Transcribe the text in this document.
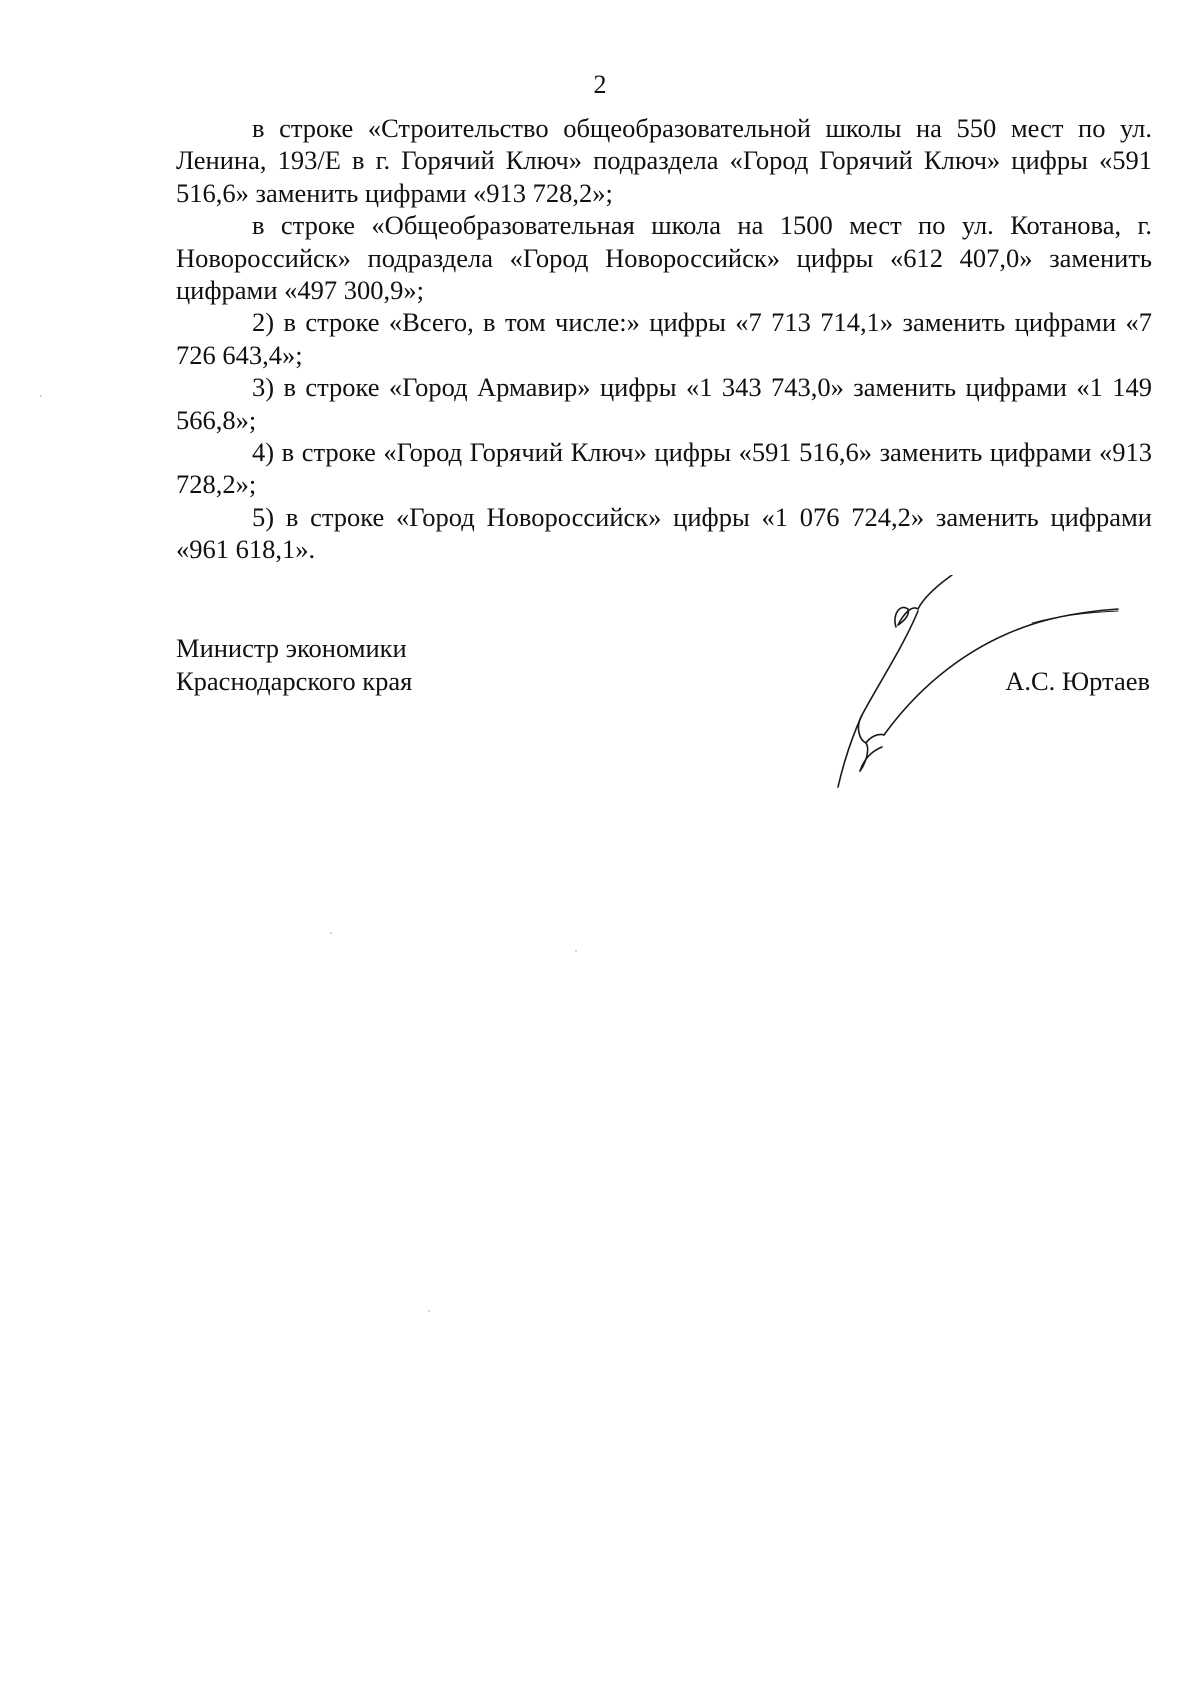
2

в строке «Строительство общеобразовательной школы на 550 мест по ул. Ленина, 193/Е в г. Горячий Ключ» подраздела «Город Горячий Ключ» цифры «591 516,6» заменить цифрами «913 728,2»;

в строке «Общеобразовательная школа на 1500 мест по ул. Котанова, г. Новороссийск» подраздела «Город Новороссийск» цифры «612 407,0» заменить цифрами «497 300,9»;

2) в строке «Всего, в том числе:» цифры «7 713 714,1» заменить цифрами «7 726 643,4»;

3) в строке «Город Армавир» цифры «1 343 743,0» заменить цифрами «1 149 566,8»;

4) в строке «Город Горячий Ключ» цифры «591 516,6» заменить цифрами «913 728,2»;

5) в строке «Город Новороссийск» цифры «1 076 724,2» заменить цифрами «961 618,1».

Министр экономики
Краснодарского края	А.С. Юртаев
